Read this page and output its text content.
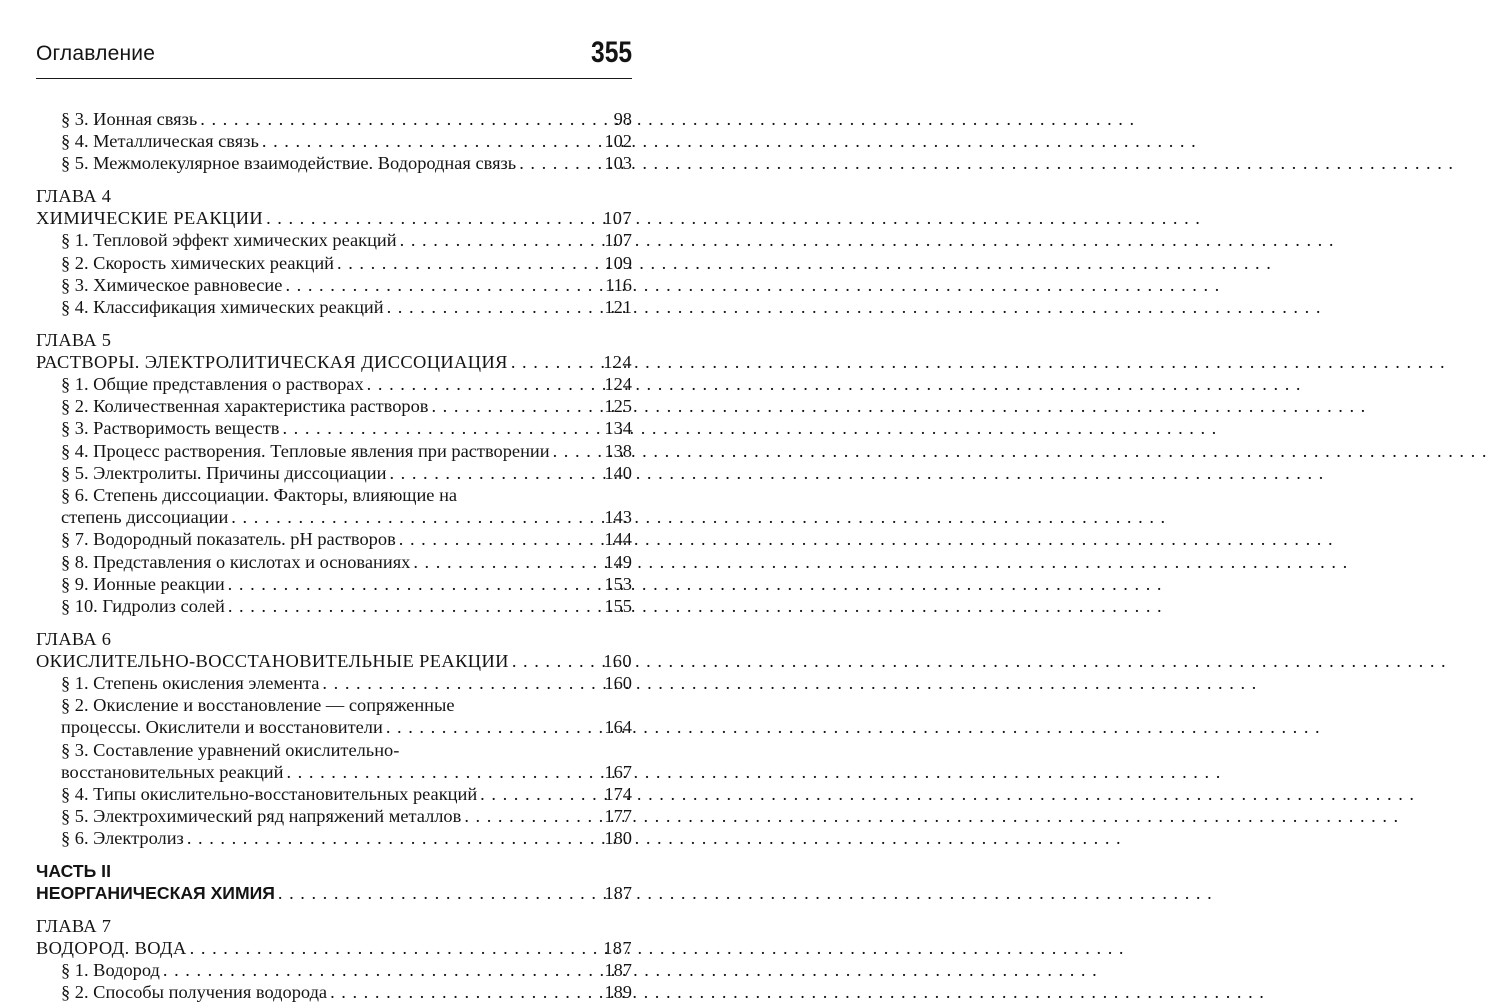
Оглавление	355
§ 3. Ионная связь . . .	98
§ 4. Металлическая связь . . .	102
§ 5. Межмолекулярное взаимодействие. Водородная связь . . .	103
ГЛАВА 4
ХИМИЧЕСКИЕ РЕАКЦИИ . . .	107
§ 1. Тепловой эффект химических реакций . . .	107
§ 2. Скорость химических реакций . . .	109
§ 3. Химическое равновесие . . .	116
§ 4. Классификация химических реакций . . .	121
ГЛАВА 5
РАСТВОРЫ. ЭЛЕКТРОЛИТИЧЕСКАЯ ДИССОЦИАЦИЯ . . .	124
§ 1. Общие представления о растворах . . .	124
§ 2. Количественная характеристика растворов . . .	125
§ 3. Растворимость веществ . . .	134
§ 4. Процесс растворения. Тепловые явления при растворении . . .	138
§ 5. Электролиты. Причины диссоциации . . .	140
§ 6. Степень диссоциации. Факторы, влияющие на
степень диссоциации . . .	143
§ 7. Водородный показатель. pH растворов . . .	144
§ 8. Представления о кислотах и основаниях . . .	149
§ 9. Ионные реакции . . .	153
§ 10. Гидролиз солей . . .	155
ГЛАВА 6
ОКИСЛИТЕЛЬНО-ВОССТАНОВИТЕЛЬНЫЕ РЕАКЦИИ . . .	160
§ 1. Степень окисления элемента . . .	160
§ 2. Окисление и восстановление — сопряженные
процессы. Окислители и восстановители . . .	164
§ 3. Составление уравнений окислительно-
восстановительных реакций . . .	167
§ 4. Типы окислительно-восстановительных реакций . . .	174
§ 5. Электрохимический ряд напряжений металлов . . .	177
§ 6. Электролиз . . .	180
ЧАСТЬ II
НЕОРГАНИЧЕСКАЯ ХИМИЯ . . .	187
ГЛАВА 7
ВОДОРОД. ВОДА . . .	187
§ 1. Водород . . .	187
§ 2. Способы получения водорода . . .	189
